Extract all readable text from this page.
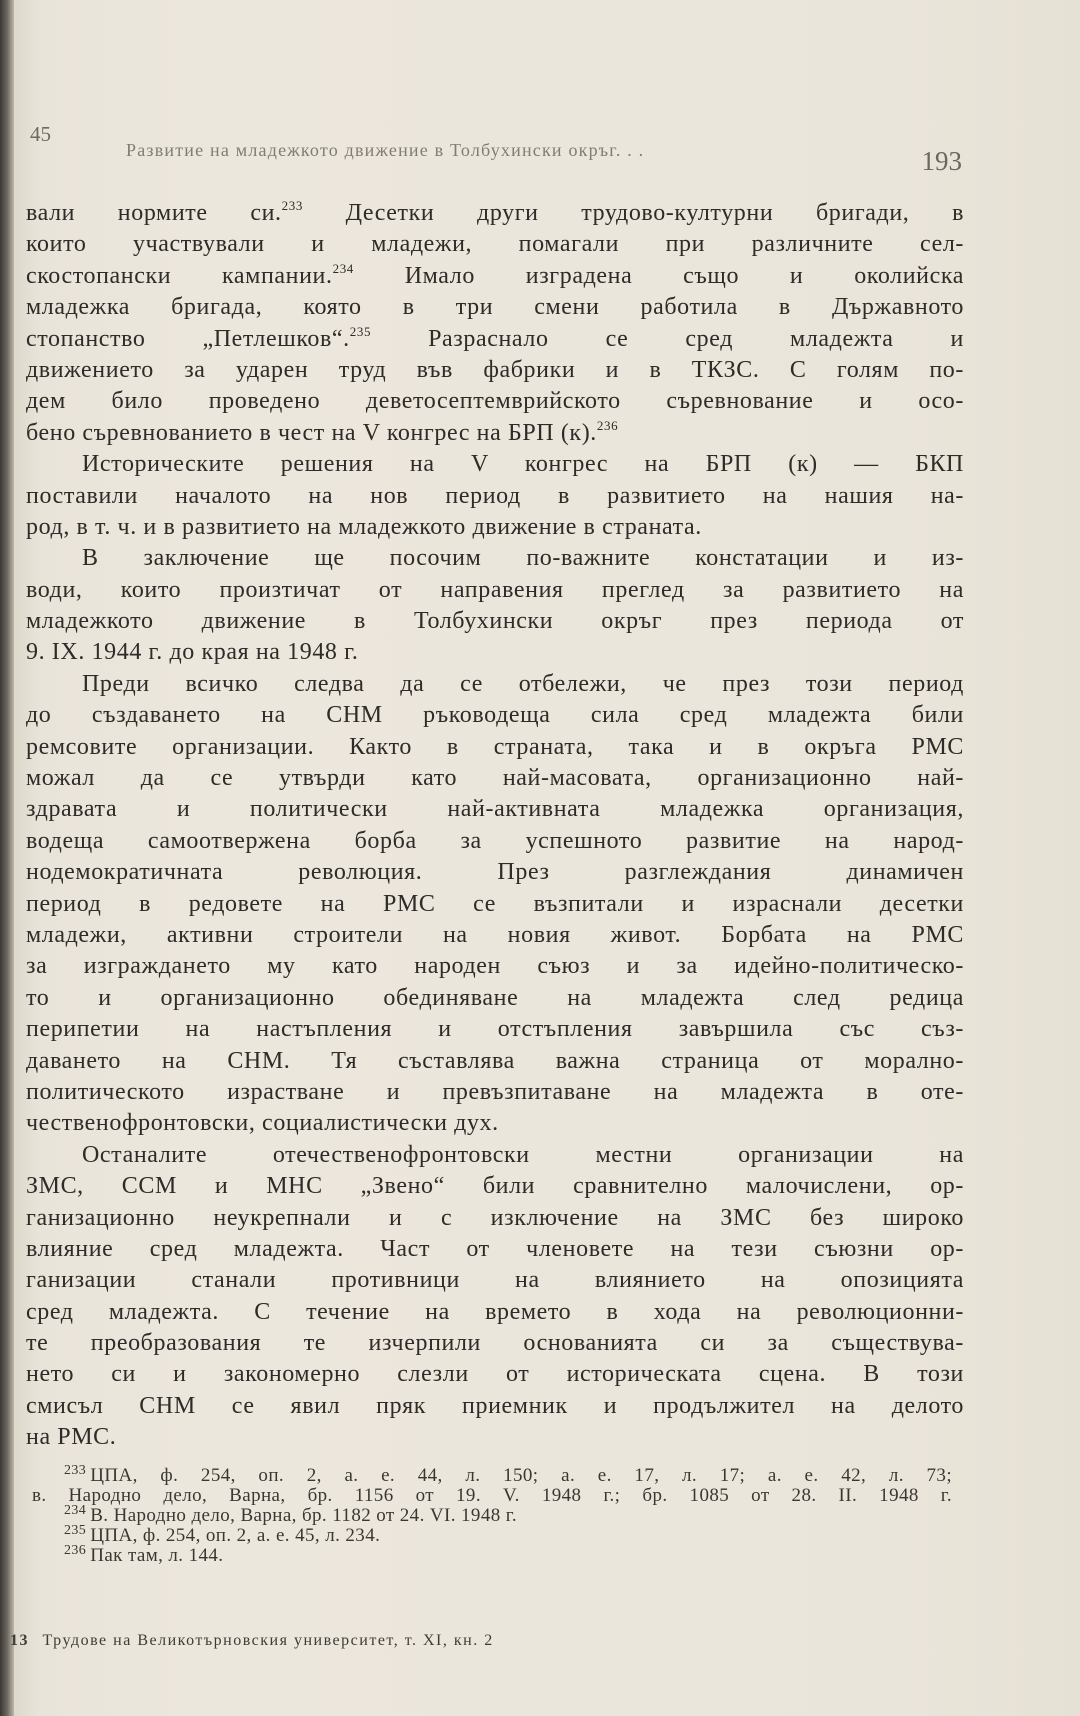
45
Развитие на младежкото движение в Толбухински окръг. . .	193
вали нормите си.$^{233}$ Десетки други трудово-културни бригади, в
които участвували и младежи, помагали при различните сел-
скостопански кампании.$^{234}$ Имало изградена също и околийска
младежка бригада, която в три смени работила в Държавното
стопанство „Петлешков“.$^{235}$ Разраснало се сред младежта и
движението за ударен труд във фабрики и в ТКЗС. С голям по-
дем било проведено деветосептемврийското съревнование и осо-
бено съревнованието в чест на V конгрес на БРП (к).$^{236}$
Историческите решения на V конгрес на БРП (к) — БКП
поставили началото на нов период в развитието на нашия на-
род, в т. ч. и в развитието на младежкото движение в страната.
В заключение ще посочим по-важните констатации и из-
води, които произтичат от направения преглед за развитието на
младежкото движение в Толбухински окръг през периода от
9. IX. 1944 г. до края на 1948 г.
Преди всичко следва да се отбележи, че през този период
до създаването на СНМ ръководеща сила сред младежта били
ремсовите организации. Както в страната, така и в окръга РМС
можал да се утвърди като най-масовата, организационно най-
здравата и политически най-активната младежка организация,
водеща самоотвержена борба за успешното развитие на народ-
нодемократичната революция. През разглеждания динамичен
период в редовете на РМС се възпитали и израснали десетки
младежи, активни строители на новия живот. Борбата на РМС
за изграждането му като народен съюз и за идейно-политическо-
то и организационно обединяване на младежта след редица
перипетии на настъпления и отстъпления завършила със съз-
даването на СНМ. Тя съставлява важна страница от морално-
политическото израстване и превъзпитаване на младежта в оте-
чественофронтовски, социалистически дух.
Останалите отечественофронтовски местни организации на
ЗМС, ССМ и МНС „Звено“ били сравнително малочислени, ор-
ганизационно неукрепнали и с изключение на ЗМС без широко
влияние сред младежта. Част от членовете на тези съюзни ор-
ганизации станали противници на влиянието на опозицията
сред младежта. С течение на времето в хода на революционни-
те преобразования те изчерпили основанията си за съществува-
нето си и закономерно слезли от историческата сцена. В този
смисъл СНМ се явил пряк приемник и продължител на делото
на РМС.
$^{233}$ ЦПА, ф. 254, оп. 2, а. е. 44, л. 150; а. е. 17, л. 17; а. е. 42, л. 73;
в. Народно дело, Варна, бр. 1156 от 19. V. 1948 г.; бр. 1085 от 28. II. 1948 г.
$^{234}$ В. Народно дело, Варна, бр. 1182 от 24. VI. 1948 г.
$^{235}$ ЦПА, ф. 254, оп. 2, а. е. 45, л. 234.
$^{236}$ Пак там, л. 144.
13 Трудове на Великотърновския университет, т. XI, кн. 2
